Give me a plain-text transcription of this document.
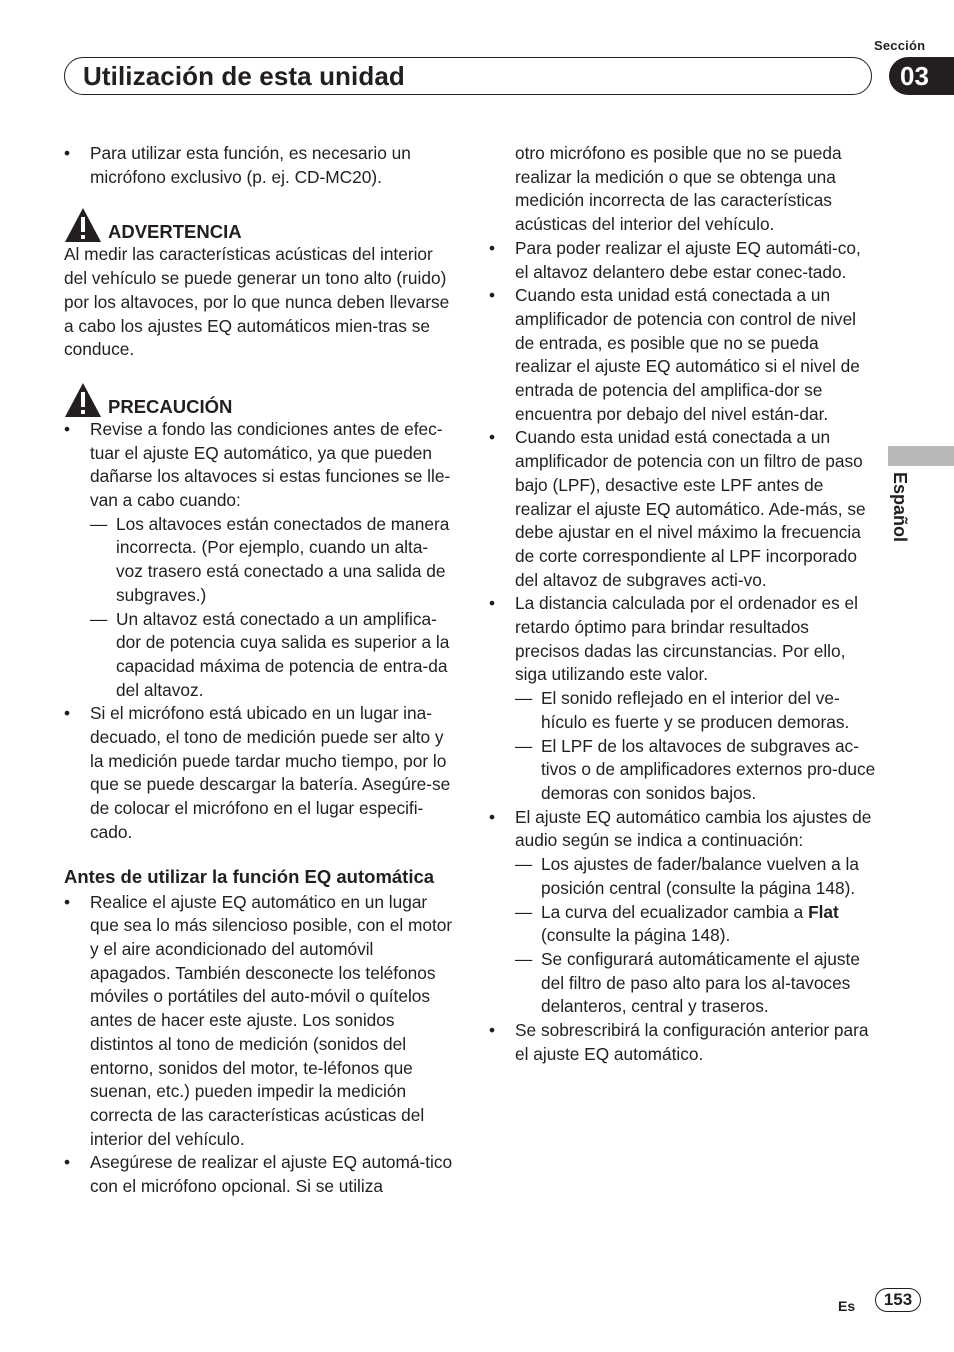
Sección
Utilización de esta unidad	03
Español
• Para utilizar esta función, es necesario un micrófono exclusivo (p. ej. CD-MC20).
ADVERTENCIA
Al medir las características acústicas del interior del vehículo se puede generar un tono alto (ruido) por los altavoces, por lo que nunca deben llevarse a cabo los ajustes EQ automáticos mien-tras se conduce.
PRECAUCIÓN
• Revise a fondo las condiciones antes de efec-tuar el ajuste EQ automático, ya que pueden dañarse los altavoces si estas funciones se lle-van a cabo cuando:
— Los altavoces están conectados de manera incorrecta. (Por ejemplo, cuando un alta-voz trasero está conectado a una salida de subgraves.)
— Un altavoz está conectado a un amplifica-dor de potencia cuya salida es superior a la capacidad máxima de potencia de entra-da del altavoz.
• Si el micrófono está ubicado en un lugar ina-decuado, el tono de medición puede ser alto y la medición puede tardar mucho tiempo, por lo que se puede descargar la batería. Asegúre-se de colocar el micrófono en el lugar especifi-cado.
Antes de utilizar la función EQ automática
• Realice el ajuste EQ automático en un lugar que sea lo más silencioso posible, con el motor y el aire acondicionado del automóvil apagados. También desconecte los teléfonos móviles o portátiles del auto-móvil o quítelos antes de hacer este ajuste. Los sonidos distintos al tono de medición (sonidos del entorno, sonidos del motor, te-léfonos que suenan, etc.) pueden impedir la medición correcta de las características acústicas del interior del vehículo.
• Asegúrese de realizar el ajuste EQ automá-tico con el micrófono opcional. Si se utiliza
otro micrófono es posible que no se pueda realizar la medición o que se obtenga una medición incorrecta de las características acústicas del interior del vehículo.
• Para poder realizar el ajuste EQ automáti-co, el altavoz delantero debe estar conec-tado.
• Cuando esta unidad está conectada a un amplificador de potencia con control de nivel de entrada, es posible que no se pueda realizar el ajuste EQ automático si el nivel de entrada de potencia del amplifica-dor se encuentra por debajo del nivel están-dar.
• Cuando esta unidad está conectada a un amplificador de potencia con un filtro de paso bajo (LPF), desactive este LPF antes de realizar el ajuste EQ automático. Ade-más, se debe ajustar en el nivel máximo la frecuencia de corte correspondiente al LPF incorporado del altavoz de subgraves acti-vo.
• La distancia calculada por el ordenador es el retardo óptimo para brindar resultados precisos dadas las circunstancias. Por ello, siga utilizando este valor.
— El sonido reflejado en el interior del ve-hículo es fuerte y se producen demoras.
— El LPF de los altavoces de subgraves ac-tivos o de amplificadores externos pro-duce demoras con sonidos bajos.
• El ajuste EQ automático cambia los ajustes de audio según se indica a continuación:
— Los ajustes de fader/balance vuelven a la posición central (consulte la página 148).
— La curva del ecualizador cambia a Flat
(consulte la página 148).
— Se configurará automáticamente el ajuste del filtro de paso alto para los al-tavoces delanteros, central y traseros.
• Se sobrescribirá la configuración anterior para el ajuste EQ automático.
Es	153
